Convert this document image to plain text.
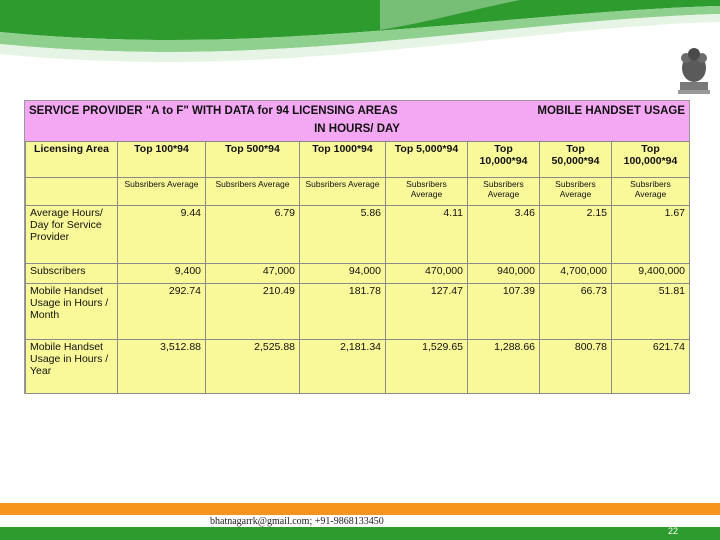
SERVICE PROVIDER "A to F" WITH DATA for 94 LICENSING AREAS	MOBILE HANDSET USAGE
IN HOURS/ DAY
Licensing Area	Top 100*94	Top 500*94	Top 1000*94	Top 5,000*94	Top 10,000*94	Top 50,000*94	Top 100,000*94
	Subsribers Average	Subsribers Average	Subsribers Average	Subsribers Average	Subsribers Average	Subsribers Average	Subsribers Average
Average Hours/ Day for Service Provider	9.44	6.79	5.86	4.11	3.46	2.15	1.67
Subscribers	9,400	47,000	94,000	470,000	940,000	4,700,000	9,400,000
Mobile Handset Usage in Hours / Month	292.74	210.49	181.78	127.47	107.39	66.73	51.81
Mobile Handset Usage in Hours / Year	3,512.88	2,525.88	2,181.34	1,529.65	1,288.66	800.78	621.74
bhatnagarrk@gmail.com; +91-9868133450
22
